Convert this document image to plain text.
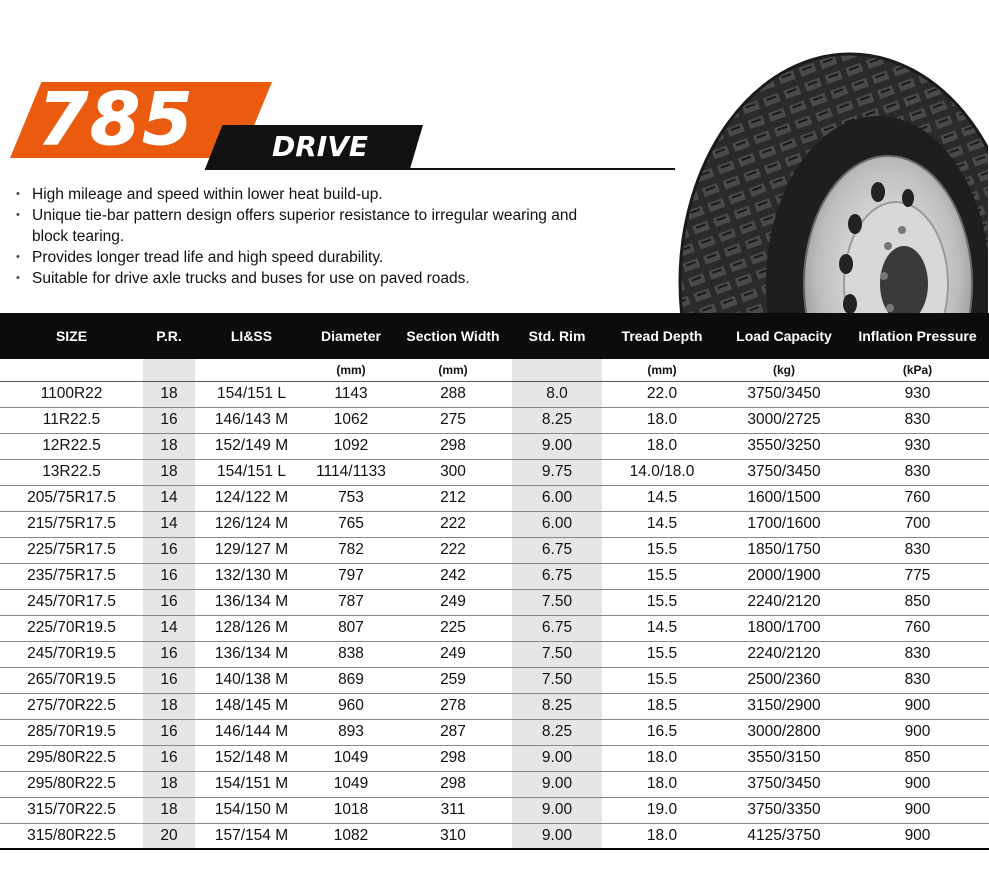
785	DRIVE
• High mileage and speed within lower heat build-up.
• Unique tie-bar pattern design offers superior resistance to irregular wearing and block tearing.
• Provides longer tread life and high speed durability.
• Suitable for drive axle trucks and buses for use on paved roads.
SIZE	P.R.	LI&SS	Diameter	Section Width	Std. Rim	Tread Depth	Load Capacity	Inflation Pressure
			(mm)	(mm)		(mm)	(kg)	(kPa)
1100R22	18	154/151 L	1143	288	8.0	22.0	3750/3450	930
11R22.5	16	146/143 M	1062	275	8.25	18.0	3000/2725	830
12R22.5	18	152/149 M	1092	298	9.00	18.0	3550/3250	930
13R22.5	18	154/151 L	1114/1133	300	9.75	14.0/18.0	3750/3450	830
205/75R17.5	14	124/122 M	753	212	6.00	14.5	1600/1500	760
215/75R17.5	14	126/124 M	765	222	6.00	14.5	1700/1600	700
225/75R17.5	16	129/127 M	782	222	6.75	15.5	1850/1750	830
235/75R17.5	16	132/130 M	797	242	6.75	15.5	2000/1900	775
245/70R17.5	16	136/134 M	787	249	7.50	15.5	2240/2120	850
225/70R19.5	14	128/126 M	807	225	6.75	14.5	1800/1700	760
245/70R19.5	16	136/134 M	838	249	7.50	15.5	2240/2120	830
265/70R19.5	16	140/138 M	869	259	7.50	15.5	2500/2360	830
275/70R22.5	18	148/145 M	960	278	8.25	18.5	3150/2900	900
285/70R19.5	16	146/144 M	893	287	8.25	16.5	3000/2800	900
295/80R22.5	16	152/148 M	1049	298	9.00	18.0	3550/3150	850
295/80R22.5	18	154/151 M	1049	298	9.00	18.0	3750/3450	900
315/70R22.5	18	154/150 M	1018	311	9.00	19.0	3750/3350	900
315/80R22.5	20	157/154 M	1082	310	9.00	18.0	4125/3750	900
